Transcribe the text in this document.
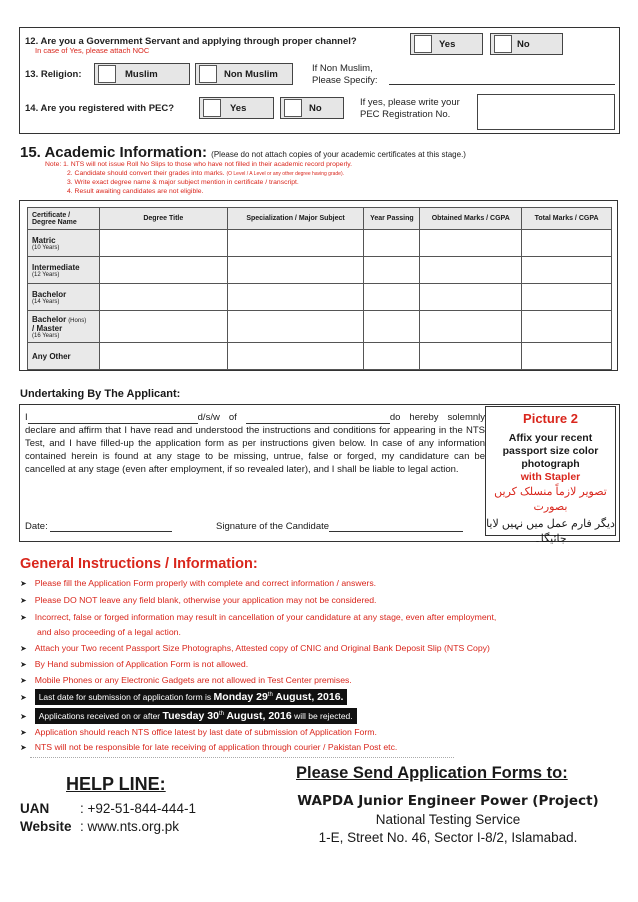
12. Are you a Government Servant and applying through proper channel?
In case of Yes, please attach NOC
Yes	No
13. Religion:	Muslim	Non Muslim
If Non Muslim,
Please Specify:
14. Are you registered with PEC?	Yes	No
If yes, please write your
PEC Registration No.
15. Academic Information: (Please do not attach copies of your academic certificates at this stage.)
Note: 1. NTS will not issue Roll No Slips to those who have not filled in their academic record properly.
2. Candidate should convert their grades into marks. (O Level / A Level or any other degree having grade).
3. Write exact degree name & major subject mention in certificate / transcript.
4. Result awaiting candidates are not eligible.
Certificate /
Degree Name	Degree Title	Specialization / Major Subject	Year Passing	Obtained Marks / CGPA	Total Marks / CGPA
Matric
(10 Years)					

Intermediate
(12 Years)					

Bachelor
(14 Years)					

Bachelor (Hons)
/ Master
(16 Years)					

Any Other					
Undertaking By The Applicant:
I	d/s/w of	do hereby solemnly declare and affirm that I have read and understood the instructions and conditions for appearing in the NTS Test, and I have filled-up the application form as per instructions given below. In case of any information contained herein is found at any stage to be missing, untrue, false or forged, my candidature can be cancelled at any stage (even after employment, if so revealed later), and I shall be liable to legal action.
Date:	Signature of the Candidate
Picture 2
Affix your recent
passport size color
photograph
with Stapler
تصویر لازماً منسلک کریں بصورت
دیگر فارم عمل میں نہیں لایا جائیگا۔
General Instructions / Information:
➤ Please fill the Application Form properly with complete and correct information / answers.
➤ Please DO NOT leave any field blank, otherwise your application may not be considered.
➤ Incorrect, false or forged information may result in cancellation of your candidature at any stage, even after employment,
and also proceeding of a legal action.
➤ Attach your Two recent Passport Size Photographs, Attested copy of CNIC and Original Bank Deposit Slip (NTS Copy)
➤ By Hand submission of Application Form is not allowed.
➤ Mobile Phones or any Electronic Gadgets are not allowed in Test Center premises.
➤ Last date for submission of application form is Monday 29th August, 2016.
➤ Applications received on or after Tuesday 30th August, 2016 will be rejected.
➤ Application should reach NTS office latest by last date of submission of Application Form.
➤ NTS will not be responsible for late receiving of application through courier / Pakistan Post etc.
HELP LINE:
UAN : +92-51-844-444-1
Website : www.nts.org.pk
Please Send Application Forms to:
WAPDA Junior Engineer Power (Project)
National Testing Service
1-E, Street No. 46, Sector I-8/2, Islamabad.
